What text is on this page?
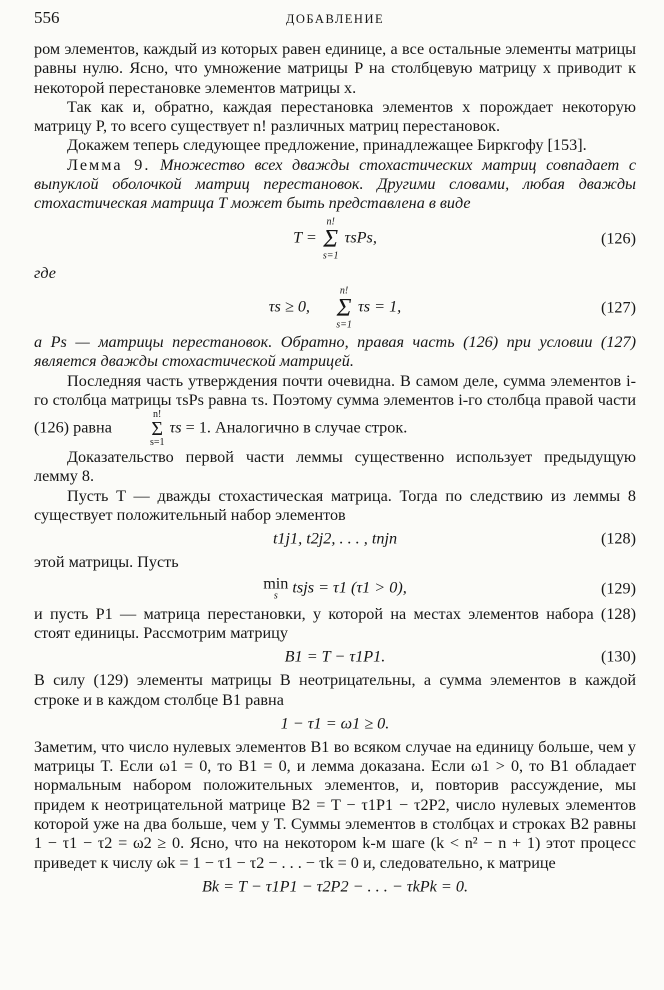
556	ДОБАВЛЕНИЕ

ром элементов, каждый из которых равен единице, а все остальные элементы матрицы равны нулю. Ясно, что умножение матрицы P на столбцевую матрицу x приводит к некоторой перестановке элементов матрицы x.

Так как и, обратно, каждая перестановка элементов x порождает некоторую матрицу P, то всего существует n! различных матриц перестановок.

Докажем теперь следующее предложение, принадлежащее Биркгофу [153].

Лемма 9. Множество всех дважды стохастических матриц совпадает с выпуклой оболочкой матриц перестановок. Другими словами, любая дважды стохастическая матрица T может быть представлена в виде

T =
n!
Σ
s=1
τsPs,	(126)

где

τs ≥ 0,
n!
Σ
s=1
τs = 1,	(127)

а Ps — матрицы перестановок. Обратно, правая часть (126) при условии (127) является дважды стохастической матрицей.

Последняя часть утверждения почти очевидна. В самом деле, сумма элементов i-го столбца матрицы τsPs равна τs. Поэтому сумма элементов i-го столбца правой части (126) равна
n!
Σ
s=1
τs = 1. Аналогично в случае строк.

Доказательство первой части леммы существенно использует предыдущую лемму 8.

Пусть T — дважды стохастическая матрица. Тогда по следствию из леммы 8 существует положительный набор элементов

t1j1, t2j2, . . . , tnjn	(128)

этой матрицы. Пусть

min
s tsjs = τ1 (τ1 > 0),	(129)

и пусть P1 — матрица перестановки, у которой на местах элементов набора (128) стоят единицы. Рассмотрим матрицу

B1 = T − τ1P1.	(130)

В силу (129) элементы матрицы B неотрицательны, а сумма элементов в каждой строке и в каждом столбце B1 равна

1 − τ1 = ω1 ≥ 0.

Заметим, что число нулевых элементов B1 во всяком случае на единицу больше, чем у матрицы T. Если ω1 = 0, то B1 = 0, и лемма доказана. Если ω1 > 0, то B1 обладает нормальным набором положительных элементов, и, повторив рассуждение, мы придем к неотрицательной матрице B2 = T − τ1P1 − τ2P2, число нулевых элементов которой уже на два больше, чем у T. Суммы элементов в столбцах и строках B2 равны 1 − τ1 − τ2 = ω2 ≥ 0. Ясно, что на некотором k-м шаге (k < n² − n + 1) этот процесс приведет к числу ωk = 1 − τ1 − τ2 − . . . − τk = 0 и, следовательно, к матрице

Bk = T − τ1P1 − τ2P2 − . . . − τkPk = 0.
